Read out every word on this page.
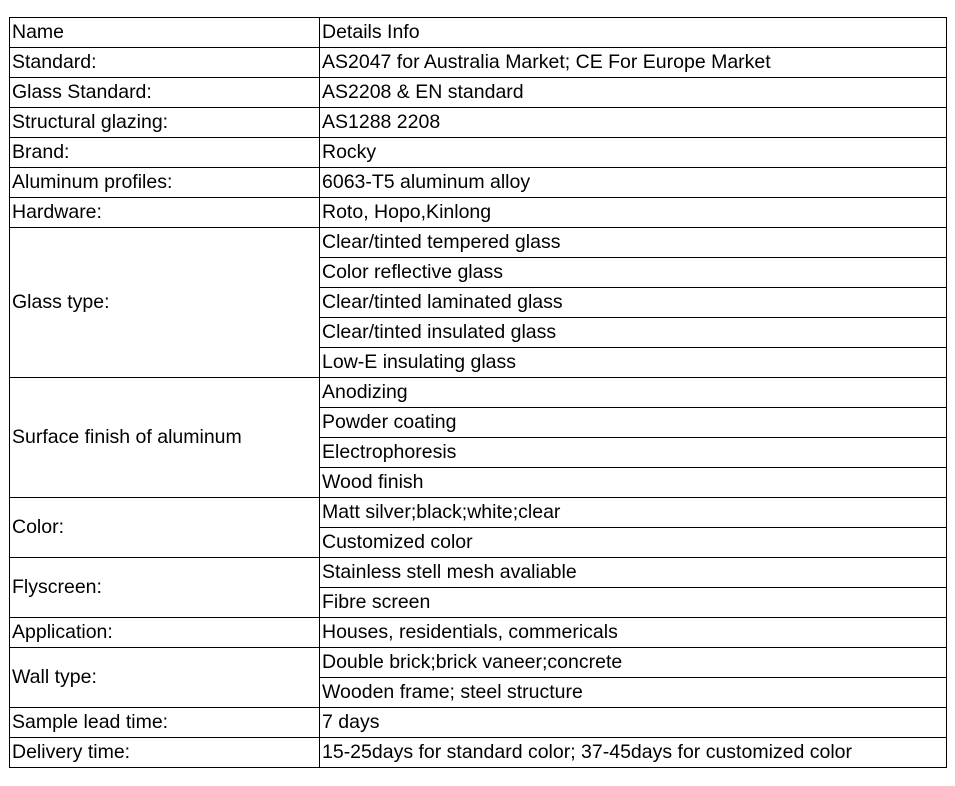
Name	Details Info
Standard:	AS2047 for Australia Market; CE For Europe Market
Glass Standard:	AS2208 & EN standard
Structural glazing:	AS1288 2208
Brand:	Rocky
Aluminum profiles:	6063-T5 aluminum alloy
Hardware:	Roto, Hopo,Kinlong
Glass type:	Clear/tinted tempered glass
	Color reflective glass
	Clear/tinted laminated glass
	Clear/tinted insulated glass
	Low-E insulating glass
Surface finish of aluminum	Anodizing
	Powder coating
	Electrophoresis
	Wood finish
Color:	Matt silver;black;white;clear
	Customized color
Flyscreen:	Stainless stell mesh avaliable
	Fibre screen
Application:	Houses, residentials, commericals
Wall type:	Double brick;brick vaneer;concrete
	Wooden frame; steel structure
Sample lead time:	7 days
Delivery time:	15-25days for standard color; 37-45days for customized color
